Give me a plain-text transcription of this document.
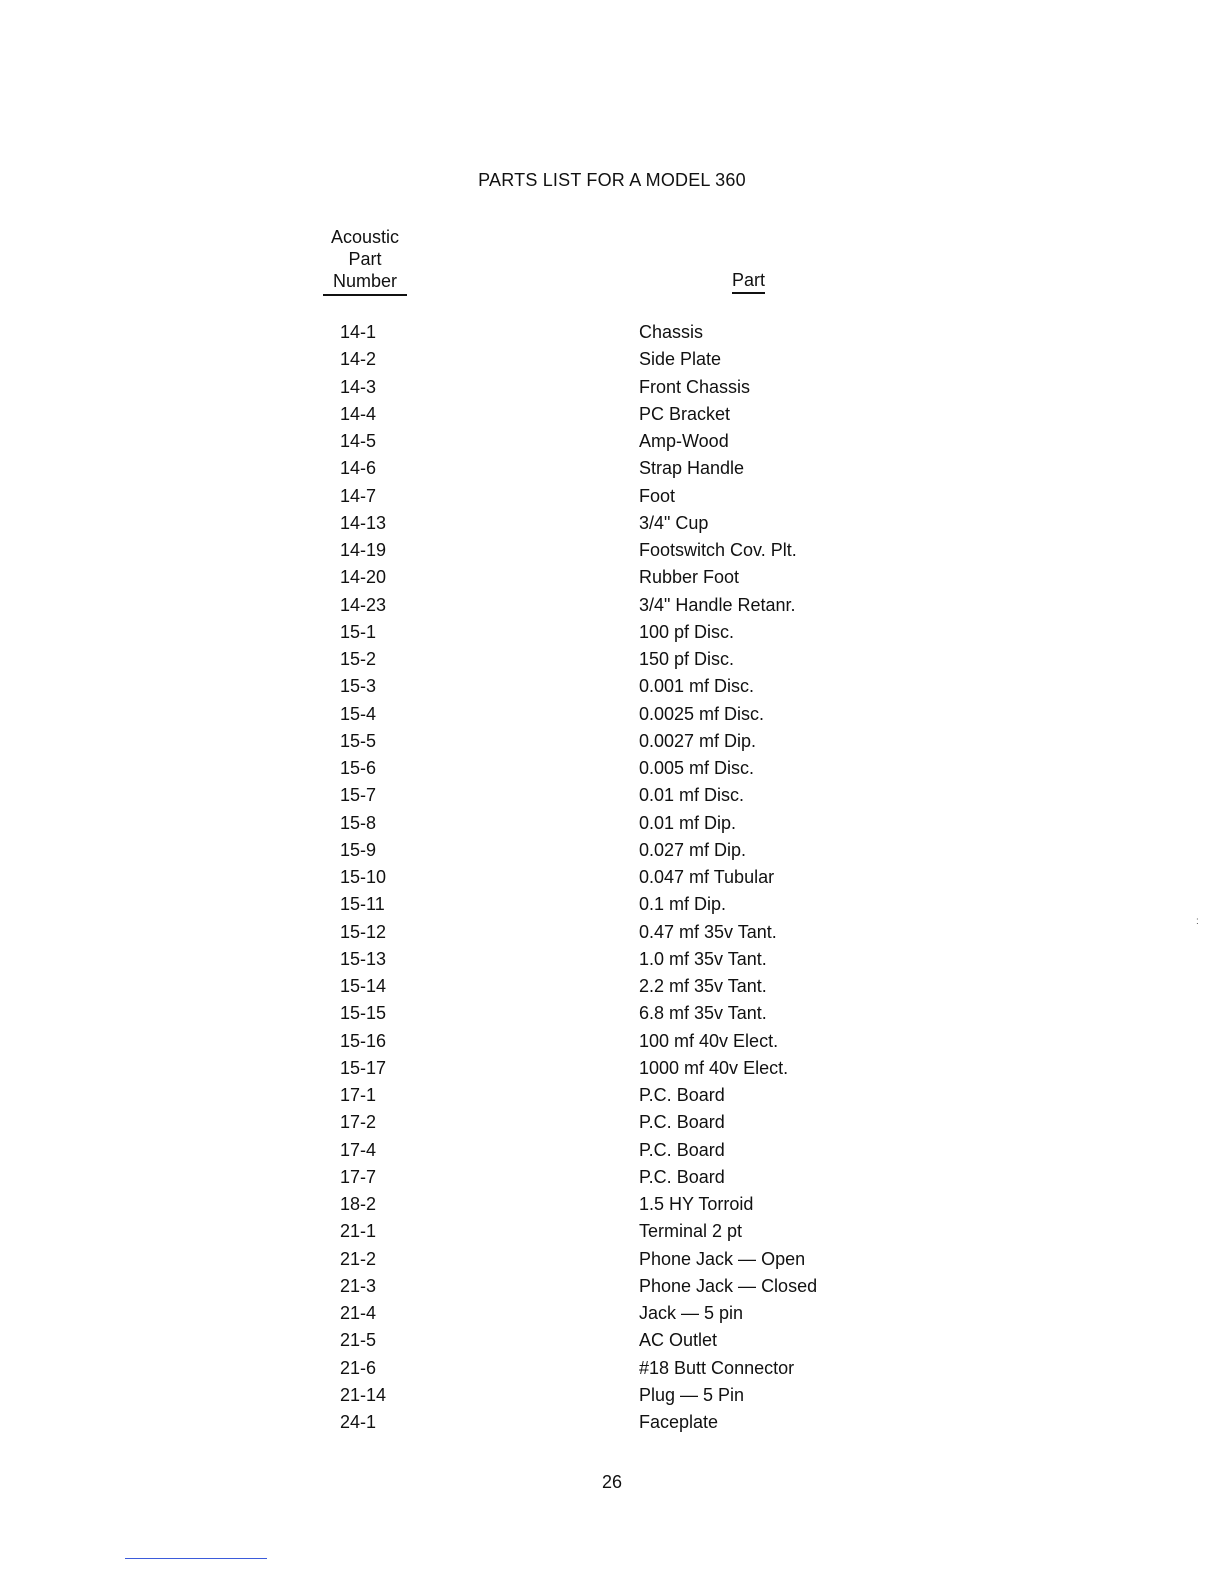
PARTS LIST FOR A MODEL 360
Acoustic
Part
Number	Part
14-1	Chassis
14-2	Side Plate
14-3	Front Chassis
14-4	PC Bracket
14-5	Amp-Wood
14-6	Strap Handle
14-7	Foot
14-13	3/4" Cup
14-19	Footswitch Cov. Plt.
14-20	Rubber Foot
14-23	3/4" Handle Retanr.
15-1	100 pf Disc.
15-2	150 pf Disc.
15-3	0.001 mf Disc.
15-4	0.0025 mf Disc.
15-5	0.0027 mf Dip.
15-6	0.005 mf Disc.
15-7	0.01 mf Disc.
15-8	0.01 mf Dip.
15-9	0.027 mf Dip.
15-10	0.047 mf Tubular
15-11	0.1 mf Dip.
15-12	0.47 mf 35v Tant.
15-13	1.0 mf 35v Tant.
15-14	2.2 mf 35v Tant.
15-15	6.8 mf 35v Tant.
15-16	100 mf 40v Elect.
15-17	1000 mf 40v Elect.
17-1	P.C. Board
17-2	P.C. Board
17-4	P.C. Board
17-7	P.C. Board
18-2	1.5 HY Torroid
21-1	Terminal 2 pt
21-2	Phone Jack — Open
21-3	Phone Jack — Closed
21-4	Jack — 5 pin
21-5	AC Outlet
21-6	#18 Butt Connector
21-14	Plug — 5 Pin
24-1	Faceplate
26
:
